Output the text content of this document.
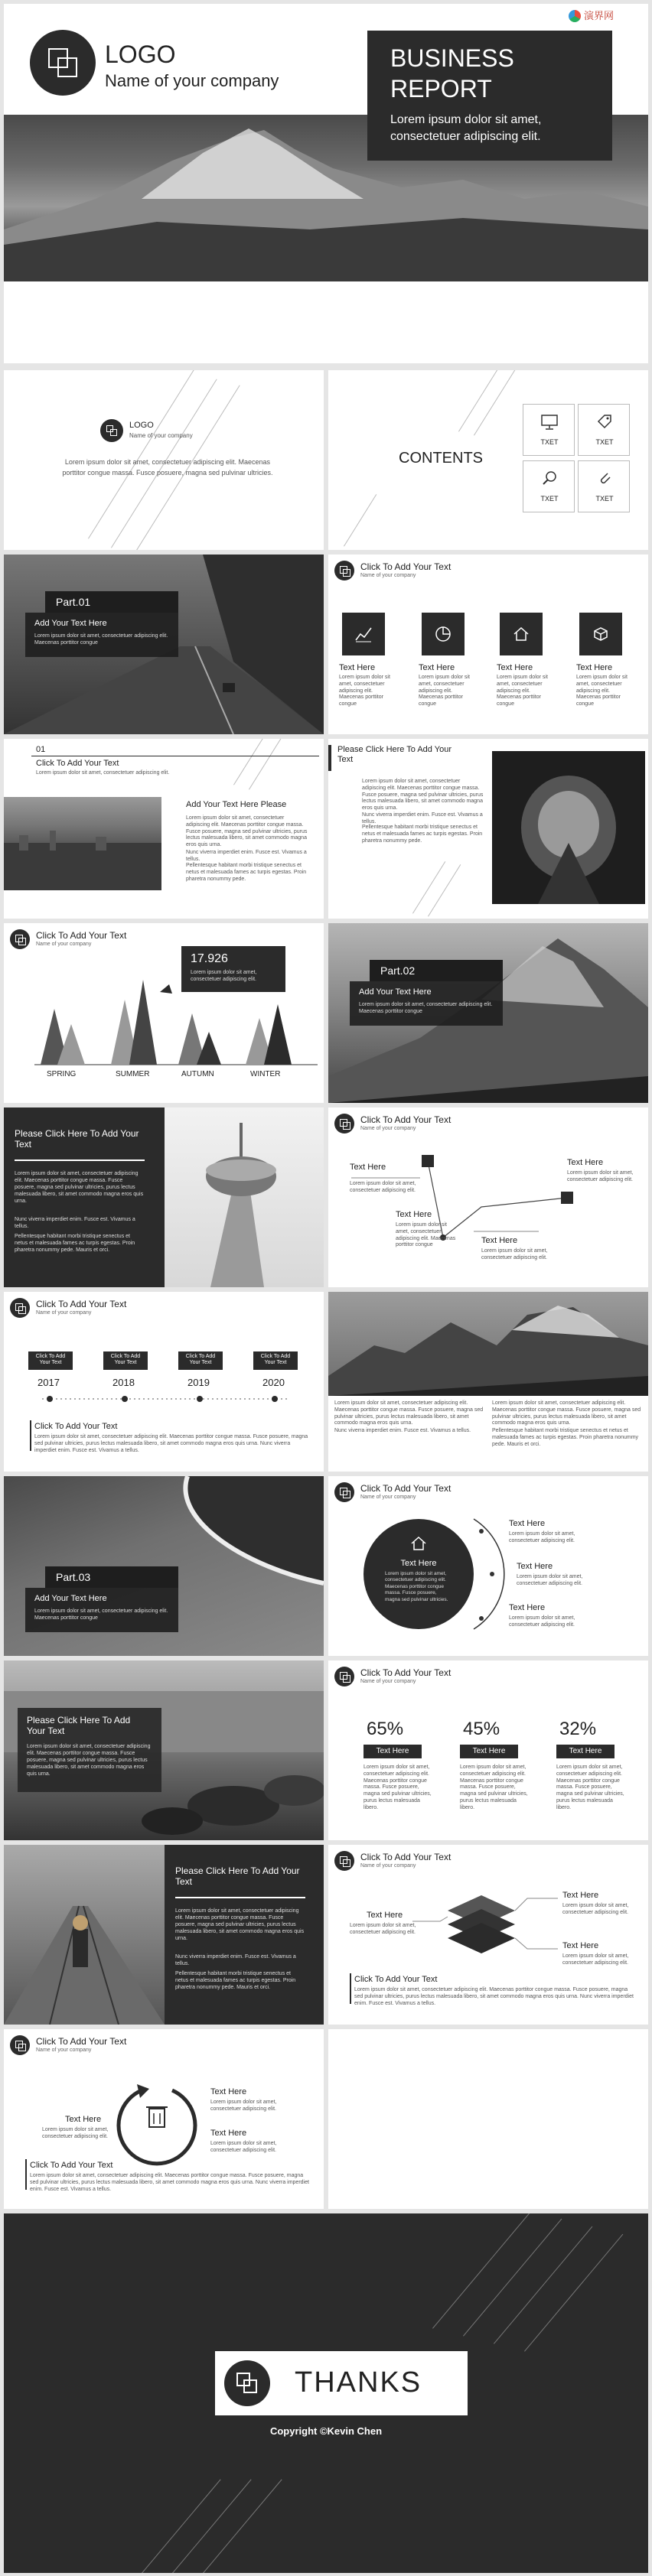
LOGO
Name of your company
BUSINESS
REPORT
Lorem ipsum dolor sit amet, consectetuer adipiscing elit.
演界网
LOGO
Name of your company
Lorem ipsum dolor sit amet, consectetuer adipiscing elit. Maecenas porttitor congue massa. Fusce posuere, magna sed pulvinar ultricies.
CONTENTS
TXET	TXET
TXET	TXET
Part.01
Add Your Text Here
Lorem ipsum dolor sit amet, consectetuer adipiscing elit. Maecenas porttitor congue
Click To Add Your Text
Name of your company
Text Here
Lorem ipsum dolor sit amet, consectetuer adipiscing elit. Maecenas porttitor congue
Text Here
Lorem ipsum dolor sit amet, consectetuer adipiscing elit. Maecenas porttitor congue
Text Here
Lorem ipsum dolor sit amet, consectetuer adipiscing elit. Maecenas porttitor congue
Text Here
Lorem ipsum dolor sit amet, consectetuer adipiscing elit. Maecenas porttitor congue
01
Click To Add Your Text
Lorem ipsum dolor sit amet, consectetuer adipiscing elit.
Add Your Text Here Please
Lorem ipsum dolor sit amet, consectetuer adipiscing elit. Maecenas porttitor congue massa. Fusce posuere, magna sed pulvinar ultricies, purus lectus malesuada libero, sit amet commodo magna eros quis urna.
Nunc viverra imperdiet enim. Fusce est. Vivamus a tellus.
Pellentesque habitant morbi tristique senectus et netus et malesuada fames ac turpis egestas. Proin pharetra nonummy pede.
Please Click Here To Add Your Text
Lorem ipsum dolor sit amet, consectetuer adipiscing elit. Maecenas porttitor congue massa. Fusce posuere, magna sed pulvinar ultricies, purus lectus malesuada libero, sit amet commodo magna eros quis urna.
Nunc viverra imperdiet enim. Fusce est. Vivamus a tellus.
Pellentesque habitant morbi tristique senectus et netus et malesuada fames ac turpis egestas. Proin pharetra nonummy pede.
Click To Add Your Text
Name of your company
17.926
Lorem ipsum dolor sit amet, consectetuer adipiscing elit.
SPRING	SUMMER	AUTUMN	WINTER
Part.02
Add Your Text Here
Lorem ipsum dolor sit amet, consectetuer adipiscing elit. Maecenas porttitor congue
Please Click Here To Add Your Text
Lorem ipsum dolor sit amet, consectetuer adipiscing elit. Maecenas porttitor congue massa. Fusce posuere, magna sed pulvinar ultricies, purus lectus malesuada libero, sit amet commodo magna eros quis urna.
Nunc viverra imperdiet enim. Fusce est. Vivamus a tellus.
Pellentesque habitant morbi tristique senectus et netus et malesuada fames ac turpis egestas. Proin pharetra nonummy pede. Mauris et orci.
Click To Add Your Text
Name of your company
Text Here
Lorem ipsum dolor sit amet, consectetuer adipiscing elit.
Text Here
Lorem ipsum dolor sit amet, consectetuer adipiscing elit.
Text Here
Lorem ipsum dolor sit amet, consectetuer adipiscing elit. Maecenas porttitor congue	Text Here
Lorem ipsum dolor sit amet, consectetuer adipiscing elit.
Click To Add Your Text
Name of your company
Click To Add Your Text
Click To Add Your Text
Click To Add Your Text
Click To Add Your Text
2017	2018	2019	2020
Click To Add Your Text
Lorem ipsum dolor sit amet, consectetuer adipiscing elit. Maecenas porttitor congue massa. Fusce posuere, magna sed pulvinar ultricies, purus lectus malesuada libero, sit amet commodo magna eros quis urna. Nunc viverra imperdiet enim. Fusce est. Vivamus a tellus.
Lorem ipsum dolor sit amet, consectetuer adipiscing elit. Maecenas porttitor congue massa. Fusce posuere, magna sed pulvinar ultricies, purus lectus malesuada libero, sit amet commodo magna eros quis urna.
Lorem ipsum dolor sit amet, consectetuer adipiscing elit. Maecenas porttitor congue massa. Fusce posuere, magna sed pulvinar ultricies, purus lectus malesuada libero, sit amet commodo magna eros quis urna.
Nunc viverra imperdiet enim. Fusce est. Vivamus a tellus.	Pellentesque habitant morbi tristique senectus et netus et malesuada fames ac turpis egestas. Proin pharetra nonummy pede. Mauris et orci.
Part.03
Add Your Text Here
Lorem ipsum dolor sit amet, consectetuer adipiscing elit. Maecenas porttitor congue
Click To Add Your Text
Name of your company
Text Here
Lorem ipsum dolor sit amet, consectetuer adipiscing elit. Maecenas porttitor congue massa. Fusce posuere, magna sed pulvinar ultricies.
Text Here
Lorem ipsum dolor sit amet, consectetuer adipiscing elit.
Text Here
Lorem ipsum dolor sit amet, consectetuer adipiscing elit.
Text Here
Lorem ipsum dolor sit amet, consectetuer adipiscing elit.
Please Click Here To Add Your Text
Lorem ipsum dolor sit amet, consectetuer adipiscing elit. Maecenas porttitor congue massa. Fusce posuere, magna sed pulvinar ultricies, purus lectus malesuada libero, sit amet commodo magna eros quis urna.
Click To Add Your Text
Name of your company
65%	45%	32%
Text Here	Text Here	Text Here
Lorem ipsum dolor sit amet, consectetuer adipiscing elit. Maecenas porttitor congue massa. Fusce posuere, magna sed pulvinar ultricies, purus lectus malesuada libero.
Lorem ipsum dolor sit amet, consectetuer adipiscing elit. Maecenas porttitor congue massa. Fusce posuere, magna sed pulvinar ultricies, purus lectus malesuada libero.
Lorem ipsum dolor sit amet, consectetuer adipiscing elit. Maecenas porttitor congue massa. Fusce posuere, magna sed pulvinar ultricies, purus lectus malesuada libero.
Please Click Here To Add Your Text
Lorem ipsum dolor sit amet, consectetuer adipiscing elit. Maecenas porttitor congue massa. Fusce posuere, magna sed pulvinar ultricies, purus lectus malesuada libero, sit amet commodo magna eros quis urna.
Nunc viverra imperdiet enim. Fusce est. Vivamus a tellus.
Pellentesque habitant morbi tristique senectus et netus et malesuada fames ac turpis egestas. Proin pharetra nonummy pede. Mauris et orci.
Click To Add Your Text
Name of your company
Text Here
Lorem ipsum dolor sit amet, consectetuer adipiscing elit.
Text Here
Lorem ipsum dolor sit amet, consectetuer adipiscing elit.
Text Here
Lorem ipsum dolor sit amet, consectetuer adipiscing elit.
Click To Add Your Text
Lorem ipsum dolor sit amet, consectetuer adipiscing elit. Maecenas porttitor congue massa. Fusce posuere, magna sed pulvinar ultricies, purus lectus malesuada libero, sit amet commodo magna eros quis urna. Nunc viverra imperdiet enim. Fusce est. Vivamus a tellus.
Click To Add Your Text
Name of your company
Text Here
Lorem ipsum dolor sit amet, consectetuer adipiscing elit.
Text Here
Lorem ipsum dolor sit amet, consectetuer adipiscing elit.
Text Here
Lorem ipsum dolor sit amet, consectetuer adipiscing elit.
Click To Add Your Text
Lorem ipsum dolor sit amet, consectetuer adipiscing elit. Maecenas porttitor congue massa. Fusce posuere, magna sed pulvinar ultricies, purus lectus malesuada libero, sit amet commodo magna eros quis urna. Nunc viverra imperdiet enim. Fusce est. Vivamus a tellus.
THANKS
Copyright ©Kevin Chen
